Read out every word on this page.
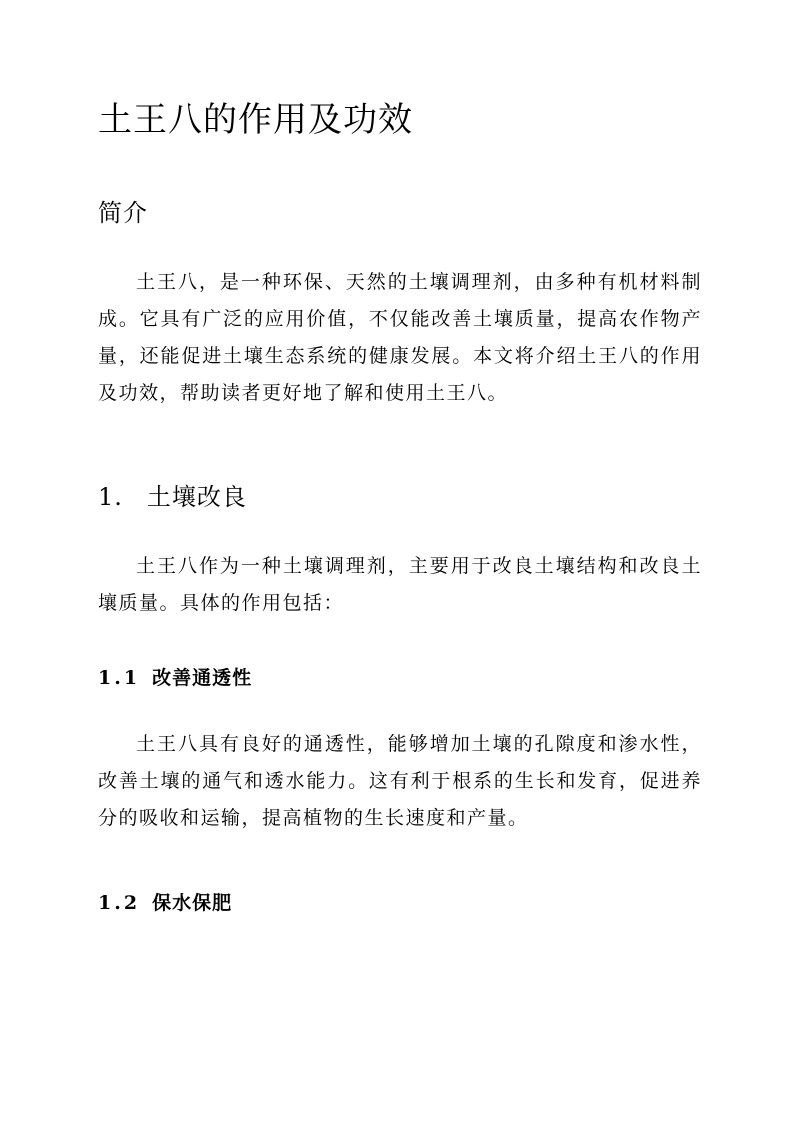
土王八的作用及功效
简介

土王八，是一种环保、天然的土壤调理剂，由多种有机材料制成。它具有广泛的应用价值，不仅能改善土壤质量，提高农作物产量，还能促进土壤生态系统的健康发展。本文将介绍土王八的作用及功效，帮助读者更好地了解和使用土王八。

1. 土壤改良

土王八作为一种土壤调理剂，主要用于改良土壤结构和改良土壤质量。具体的作用包括：

1.1 改善通透性

土王八具有良好的通透性，能够增加土壤的孔隙度和渗水性，改善土壤的通气和透水能力。这有利于根系的生长和发育，促进养分的吸收和运输，提高植物的生长速度和产量。

1.2 保水保肥
